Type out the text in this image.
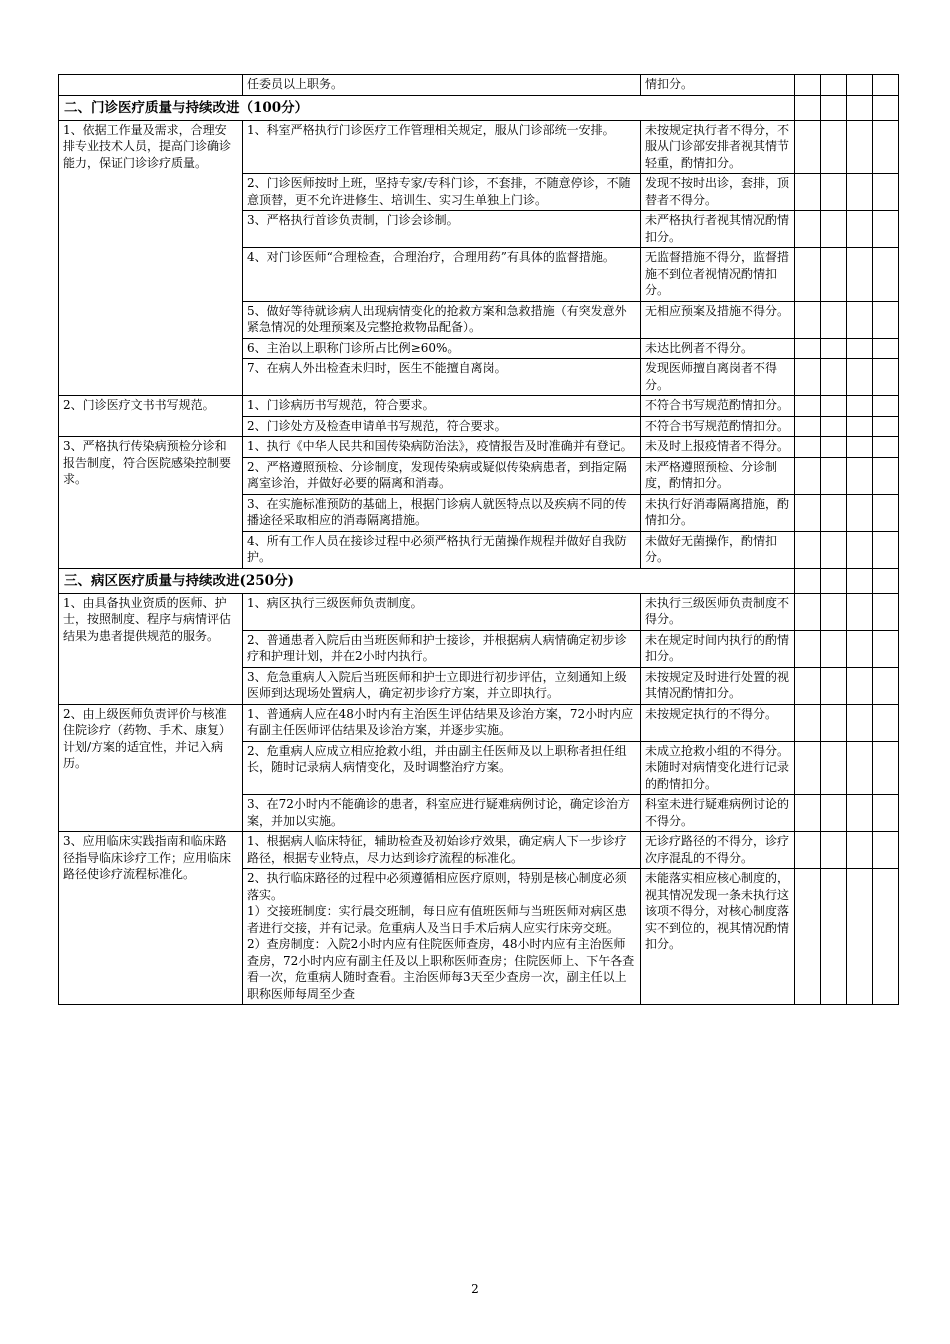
	任委员以上职务。	情扣分。				
二、门诊医疗质量与持续改进（100分）						
1、依据工作量及需求，合理安排专业技术人员，提高门诊确诊能力，保证门诊诊疗质量。	1、科室严格执行门诊医疗工作管理相关规定，服从门诊部统一安排。	未按规定执行者不得分，不服从门诊部安排者视其情节轻重，酌情扣分。				
	2、门诊医师按时上班，坚持专家/专科门诊，不套排，不随意停诊，不随意顶替，更不允许进修生、培训生、实习生单独上门诊。	发现不按时出诊，套排，顶替者不得分。				
	3、严格执行首诊负责制，门诊会诊制。	未严格执行者视其情况酌情扣分。				
	4、对门诊医师“合理检查，合理治疗，合理用药”有具体的监督措施。	无监督措施不得分，监督措施不到位者视情况酌情扣分。				
	5、做好等待就诊病人出现病情变化的抢救方案和急救措施（有突发意外紧急情况的处理预案及完整抢救物品配备）。	无相应预案及措施不得分。				
	6、主治以上职称门诊所占比例≥60%。	未达比例者不得分。				
	7、在病人外出检查未归时，医生不能擅自离岗。	发现医师擅自离岗者不得分。				
2、门诊医疗文书书写规范。	1、门诊病历书写规范，符合要求。	不符合书写规范酌情扣分。				
	2、门诊处方及检查申请单书写规范，符合要求。	不符合书写规范酌情扣分。				
3、严格执行传染病预检分诊和报告制度，符合医院感染控制要求。	1、执行《中华人民共和国传染病防治法》，疫情报告及时准确并有登记。	未及时上报疫情者不得分。				
	2、严格遵照预检、分诊制度，发现传染病或疑似传染病患者，到指定隔离室诊治，并做好必要的隔离和消毒。	未严格遵照预检、分诊制度，酌情扣分。				
	3、在实施标准预防的基础上，根据门诊病人就医特点以及疾病不同的传播途径采取相应的消毒隔离措施。	未执行好消毒隔离措施，酌情扣分。				
	4、所有工作人员在接诊过程中必须严格执行无菌操作规程并做好自我防护。	未做好无菌操作，酌情扣分。				
三、病区医疗质量与持续改进(250分)						
1、由具备执业资质的医师、护士，按照制度、程序与病情评估结果为患者提供规范的服务。	1、病区执行三级医师负责制度。	未执行三级医师负责制度不得分。				
	2、普通患者入院后由当班医师和护士接诊，并根据病人病情确定初步诊疗和护理计划，并在2小时内执行。	未在规定时间内执行的酌情扣分。				
	3、危急重病人入院后当班医师和护士立即进行初步评估，立刻通知上级医师到达现场处置病人，确定初步诊疗方案，并立即执行。	未按规定及时进行处置的视其情况酌情扣分。				
2、由上级医师负责评价与核准住院诊疗（药物、手术、康复）计划/方案的适宜性，并记入病历。	1、普通病人应在48小时内有主治医生评估结果及诊治方案，72小时内应有副主任医师评估结果及诊治方案，并逐步实施。	未按规定执行的不得分。				
	2、危重病人应成立相应抢救小组，并由副主任医师及以上职称者担任组长，随时记录病人病情变化，及时调整治疗方案。	未成立抢救小组的不得分。未随时对病情变化进行记录的酌情扣分。				
	3、在72小时内不能确诊的患者，科室应进行疑难病例讨论，确定诊治方案，并加以实施。	科室未进行疑难病例讨论的不得分。				
3、应用临床实践指南和临床路径指导临床诊疗工作；应用临床路径使诊疗流程标准化。	1、根据病人临床特征，辅助检查及初始诊疗效果，确定病人下一步诊疗路径，根据专业特点，尽力达到诊疗流程的标准化。	无诊疗路径的不得分，诊疗次序混乱的不得分。				

	2、执行临床路径的过程中必须遵循相应医疗原则，特别是核心制度必须落实。
1）交接班制度：实行晨交班制，每日应有值班医师与当班医师对病区患者进行交接，并有记录。危重病人及当日手术后病人应实行床旁交班。
2）查房制度：入院2小时内应有住院医师查房，48小时内应有主治医师查房，72小时内应有副主任及以上职称医师查房；住院医师上、下午各查看一次，危重病人随时查看。主治医师每3天至少查房一次，副主任以上职称医师每周至少查	未能落实相应核心制度的，视其情况发现一条未执行这该项不得分，对核心制度落实不到位的，视其情况酌情扣分。				
2
